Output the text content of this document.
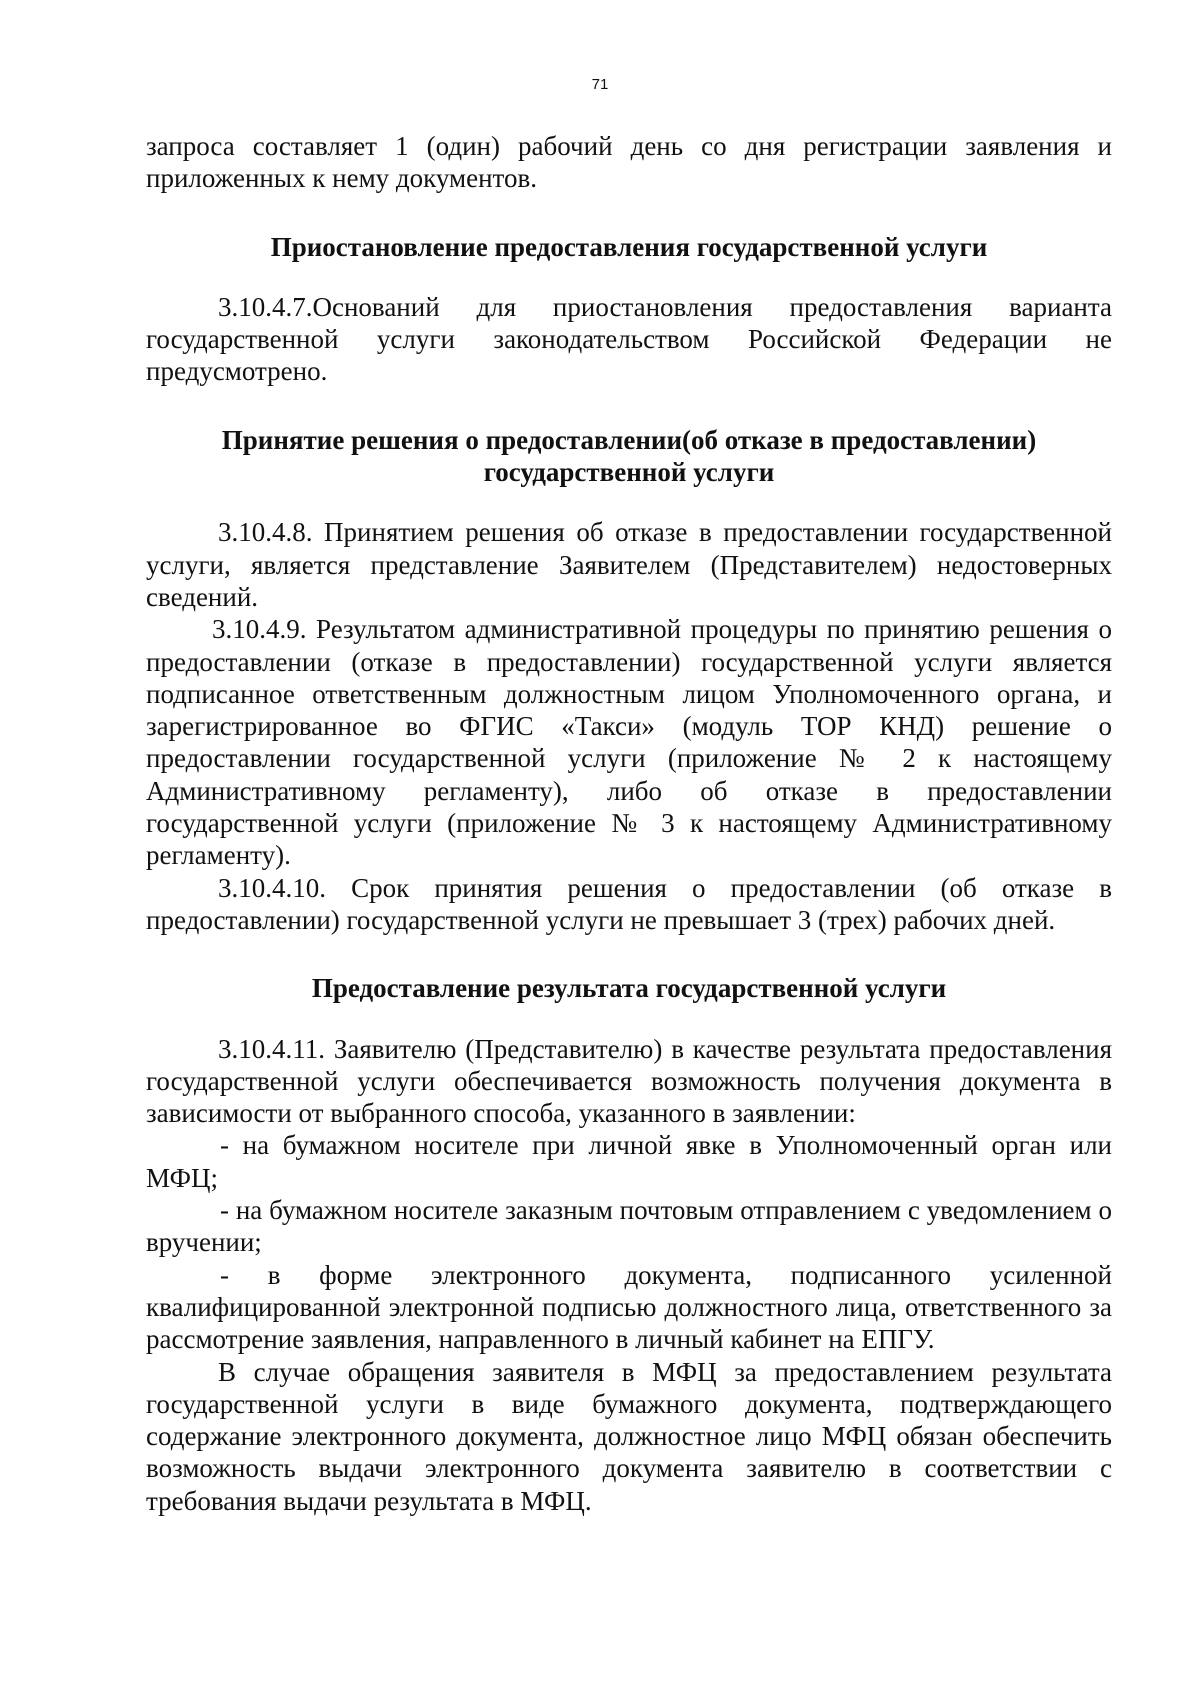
71

запроса составляет 1 (один) рабочий день со дня регистрации заявления и приложенных к нему документов.

Приостановление предоставления государственной услуги

3.10.4.7.Оснований для приостановления предоставления варианта государственной услуги законодательством Российской Федерации не предусмотрено.

Принятие решения о предоставлении(об отказе в предоставлении) государственной услуги

3.10.4.8. Принятием решения об отказе в предоставлении государственной услуги, является представление Заявителем (Представителем) недостоверных сведений.

3.10.4.9. Результатом административной процедуры по принятию решения о предоставлении (отказе в предоставлении) государственной услуги является подписанное ответственным должностным лицом Уполномоченного органа, и зарегистрированное во ФГИС «Такси» (модуль ТОР КНД) решение о предоставлении государственной услуги (приложение № 2 к настоящему Административному регламенту), либо об отказе в предоставлении государственной услуги (приложение № 3 к настоящему Административному регламенту).

3.10.4.10. Срок принятия решения о предоставлении (об отказе в предоставлении) государственной услуги не превышает 3 (трех) рабочих дней.

Предоставление результата государственной услуги

3.10.4.11. Заявителю (Представителю) в качестве результата предоставления государственной услуги обеспечивается возможность получения документа в зависимости от выбранного способа, указанного в заявлении:

- на бумажном носителе при личной явке в Уполномоченный орган или МФЦ;

- на бумажном носителе заказным почтовым отправлением с уведомлением о вручении;

- в форме электронного документа, подписанного усиленной квалифицированной электронной подписью должностного лица, ответственного за рассмотрение заявления, направленного в личный кабинет на ЕПГУ.

В случае обращения заявителя в МФЦ за предоставлением результата государственной услуги в виде бумажного документа, подтверждающего содержание электронного документа, должностное лицо МФЦ обязан обеспечить возможность выдачи электронного документа заявителю в соответствии с требования выдачи результата в МФЦ.
